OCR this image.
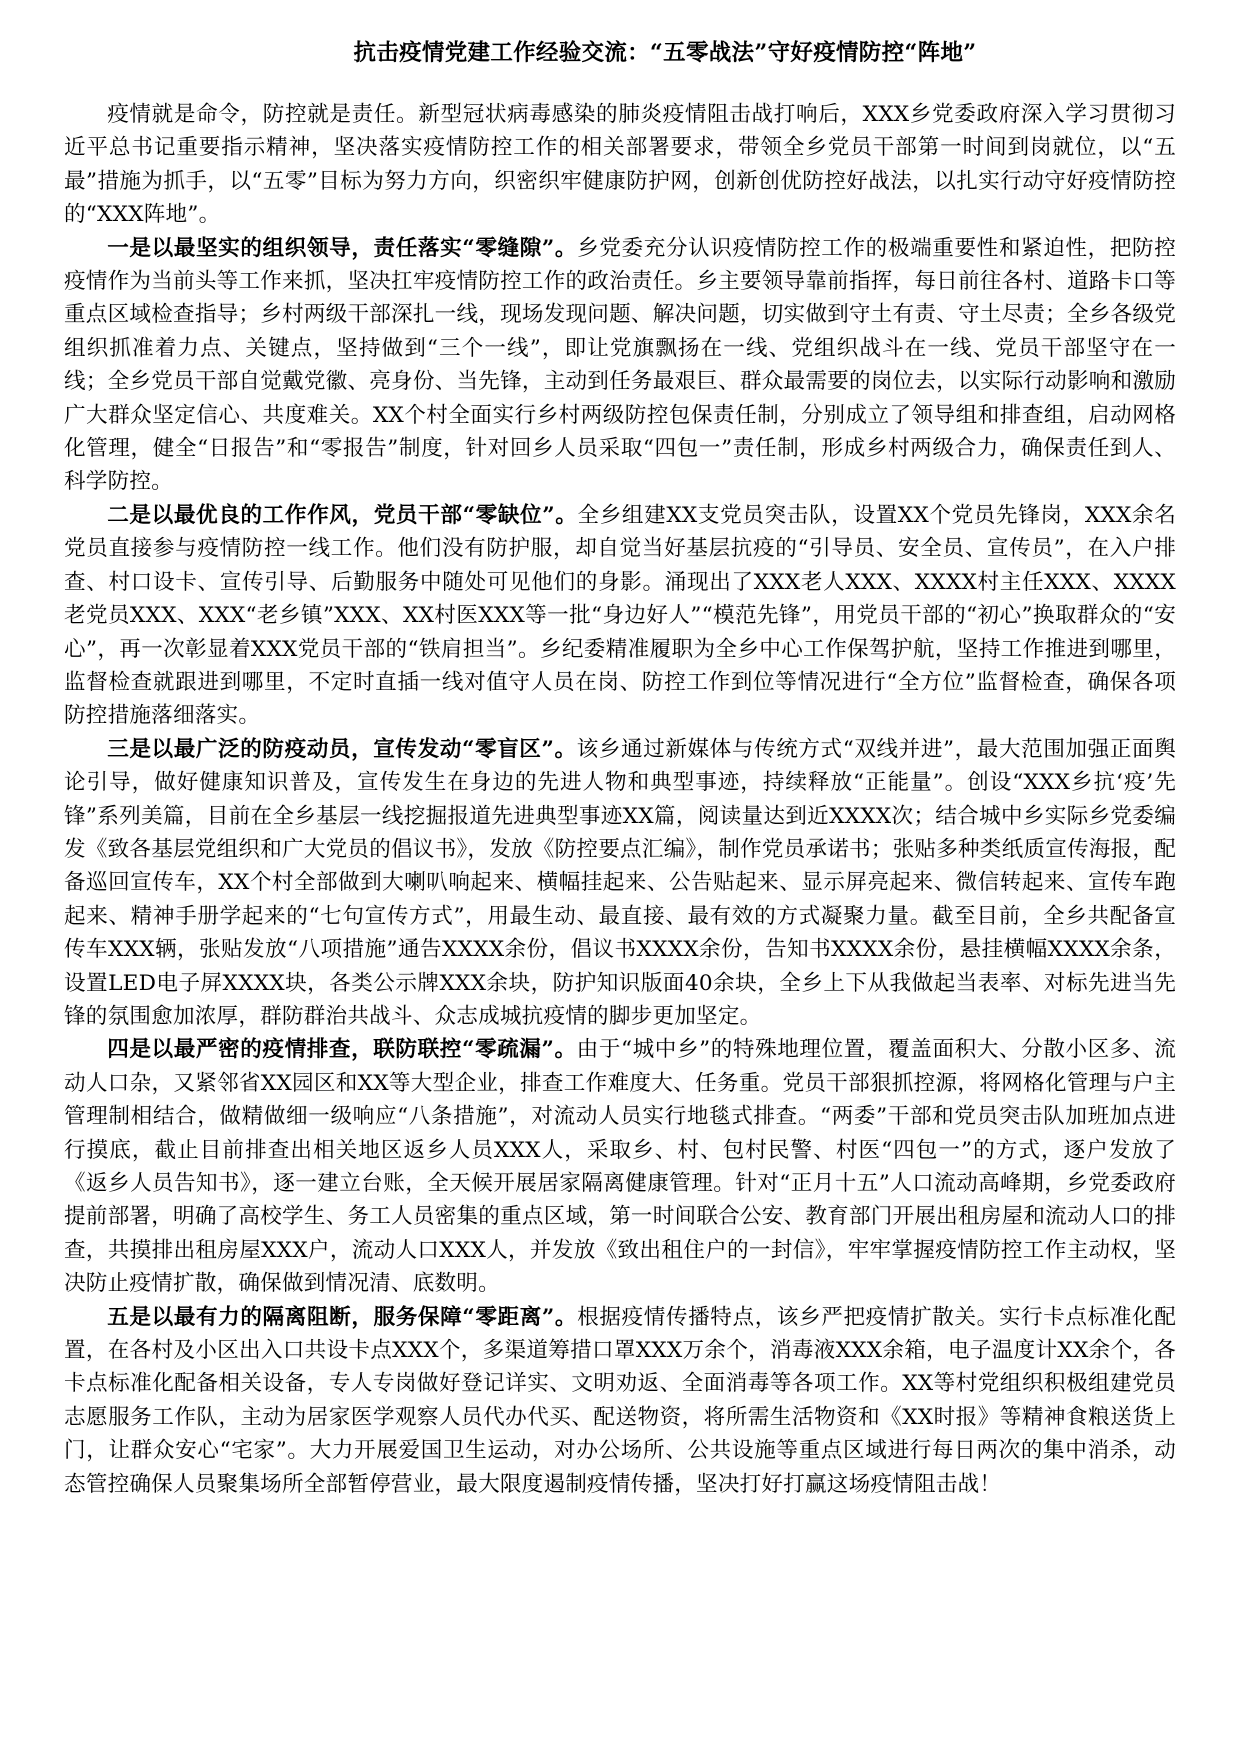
抗击疫情党建工作经验交流：“五零战法”守好疫情防控“阵地”

疫情就是命令，防控就是责任。新型冠状病毒感染的肺炎疫情阻击战打响后，XXX乡党委政府深入学习贯彻习近平总书记重要指示精神，坚决落实疫情防控工作的相关部署要求，带领全乡党员干部第一时间到岗就位，以“五最”措施为抓手，以“五零”目标为努力方向，织密织牢健康防护网，创新创优防控好战法，以扎实行动守好疫情防控的“XXX阵地”。

一是以最坚实的组织领导，责任落实“零缝隙”。乡党委充分认识疫情防控工作的极端重要性和紧迫性，把防控疫情作为当前头等工作来抓，坚决扛牢疫情防控工作的政治责任。乡主要领导靠前指挥，每日前往各村、道路卡口等重点区域检查指导；乡村两级干部深扎一线，现场发现问题、解决问题，切实做到守土有责、守土尽责；全乡各级党组织抓准着力点、关键点，坚持做到“三个一线”，即让党旗飘扬在一线、党组织战斗在一线、党员干部坚守在一线；全乡党员干部自觉戴党徽、亮身份、当先锋，主动到任务最艰巨、群众最需要的岗位去，以实际行动影响和激励广大群众坚定信心、共度难关。XX个村全面实行乡村两级防控包保责任制，分别成立了领导组和排查组，启动网格化管理，健全“日报告”和“零报告”制度，针对回乡人员采取“四包一”责任制，形成乡村两级合力，确保责任到人、科学防控。

二是以最优良的工作作风，党员干部“零缺位”。全乡组建XX支党员突击队，设置XX个党员先锋岗，XXX余名党员直接参与疫情防控一线工作。他们没有防护服，却自觉当好基层抗疫的“引导员、安全员、宣传员”，在入户排查、村口设卡、宣传引导、后勤服务中随处可见他们的身影。涌现出了XXX老人XXX、XXXX村主任XXX、XXXX老党员XXX、XXX“老乡镇”XXX、XX村医XXX等一批“身边好人”“模范先锋”，用党员干部的“初心”换取群众的“安心”，再一次彰显着XXX党员干部的“铁肩担当”。乡纪委精准履职为全乡中心工作保驾护航，坚持工作推进到哪里，监督检查就跟进到哪里，不定时直插一线对值守人员在岗、防控工作到位等情况进行“全方位”监督检查，确保各项防控措施落细落实。

三是以最广泛的防疫动员，宣传发动“零盲区”。该乡通过新媒体与传统方式“双线并进”，最大范围加强正面舆论引导，做好健康知识普及，宣传发生在身边的先进人物和典型事迹，持续释放“正能量”。创设“XXX乡抗‘疫’先锋”系列美篇，目前在全乡基层一线挖掘报道先进典型事迹XX篇，阅读量达到近XXXX次；结合城中乡实际乡党委编发《致各基层党组织和广大党员的倡议书》，发放《防控要点汇编》，制作党员承诺书；张贴多种类纸质宣传海报，配备巡回宣传车，XX个村全部做到大喇叭响起来、横幅挂起来、公告贴起来、显示屏亮起来、微信转起来、宣传车跑起来、精神手册学起来的“七句宣传方式”，用最生动、最直接、最有效的方式凝聚力量。截至目前，全乡共配备宣传车XXX辆，张贴发放“八项措施”通告XXXX余份，倡议书XXXX余份，告知书XXXX余份，悬挂横幅XXXX余条，设置LED电子屏XXXX块，各类公示牌XXX余块，防护知识版面40余块，全乡上下从我做起当表率、对标先进当先锋的氛围愈加浓厚，群防群治共战斗、众志成城抗疫情的脚步更加坚定。

四是以最严密的疫情排查，联防联控“零疏漏”。由于“城中乡”的特殊地理位置，覆盖面积大、分散小区多、流动人口杂，又紧邻省XX园区和XX等大型企业，排查工作难度大、任务重。党员干部狠抓控源，将网格化管理与户主管理制相结合，做精做细一级响应“八条措施”，对流动人员实行地毯式排查。“两委”干部和党员突击队加班加点进行摸底，截止目前排查出相关地区返乡人员XXX人，采取乡、村、包村民警、村医“四包一”的方式，逐户发放了《返乡人员告知书》，逐一建立台账，全天候开展居家隔离健康管理。针对“正月十五”人口流动高峰期，乡党委政府提前部署，明确了高校学生、务工人员密集的重点区域，第一时间联合公安、教育部门开展出租房屋和流动人口的排查，共摸排出租房屋XXX户，流动人口XXX人，并发放《致出租住户的一封信》，牢牢掌握疫情防控工作主动权，坚决防止疫情扩散，确保做到情况清、底数明。

五是以最有力的隔离阻断，服务保障“零距离”。根据疫情传播特点，该乡严把疫情扩散关。实行卡点标准化配置，在各村及小区出入口共设卡点XXX个，多渠道筹措口罩XXX万余个，消毒液XXX余箱，电子温度计XX余个，各卡点标准化配备相关设备，专人专岗做好登记详实、文明劝返、全面消毒等各项工作。XX等村党组织积极组建党员志愿服务工作队，主动为居家医学观察人员代办代买、配送物资，将所需生活物资和《XX时报》等精神食粮送货上门，让群众安心“宅家”。大力开展爱国卫生运动，对办公场所、公共设施等重点区域进行每日两次的集中消杀，动态管控确保人员聚集场所全部暂停营业，最大限度遏制疫情传播，坚决打好打赢这场疫情阻击战！
